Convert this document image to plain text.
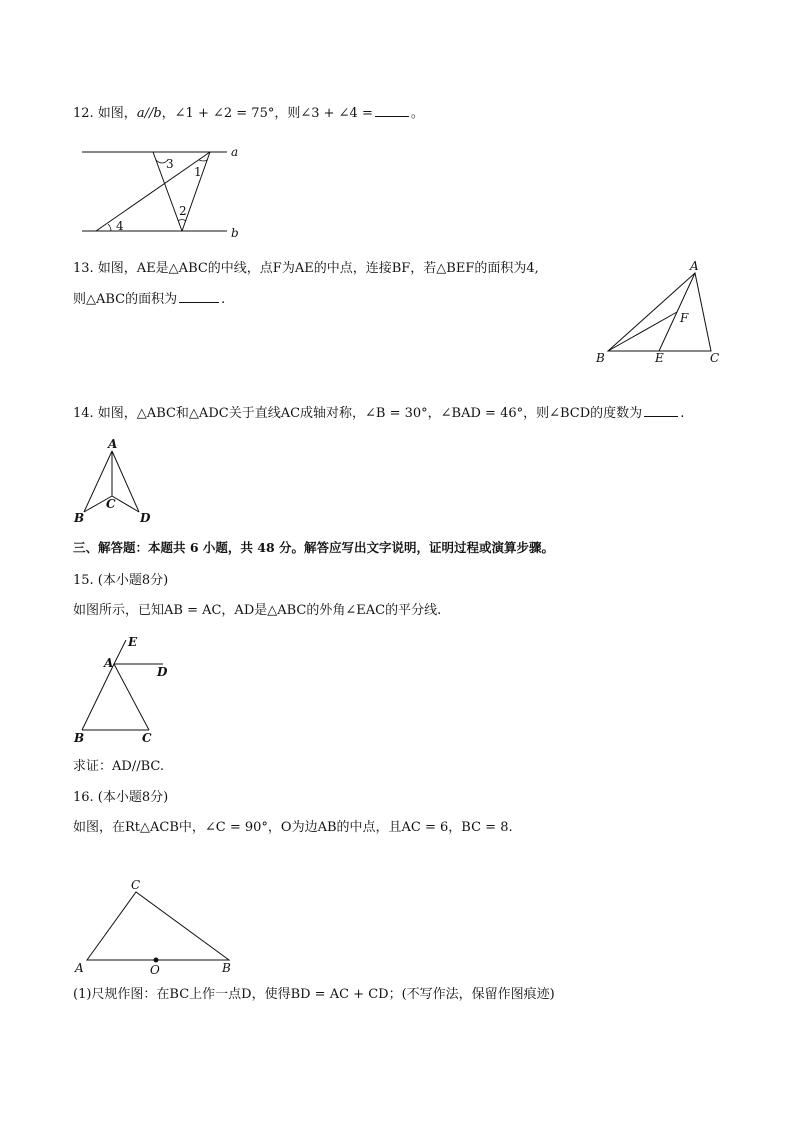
12. 如图，a//b，∠1 + ∠2 = 75°，则∠3 + ∠4 =	。
a
b
1
2
3
4
13. 如图，AE是△ABC的中线，点F为AE的中点，连接BF，若△BEF的面积为4,
则△ABC的面积为	.
A
B	C
E
F
14. 如图，△ABC和△ADC关于直线AC成轴对称，∠B = 30°，∠BAD = 46°，则∠BCD的度数为	.
A
B
C
D
三、解答题：本题共 6 小题，共 48 分。解答应写出文字说明，证明过程或演算步骤。
15. (本小题8分)
如图所示，已知AB = AC，AD是△ABC的外角∠EAC的平分线.
A
B	C
D
E
求证：AD//BC.
16. (本小题8分)
如图，在Rt△ACB中，∠C = 90°，O为边AB的中点，且AC = 6，BC = 8.
A	B
C
O
(1)尺规作图：在BC上作一点D，使得BD = AC + CD；(不写作法，保留作图痕迹)
